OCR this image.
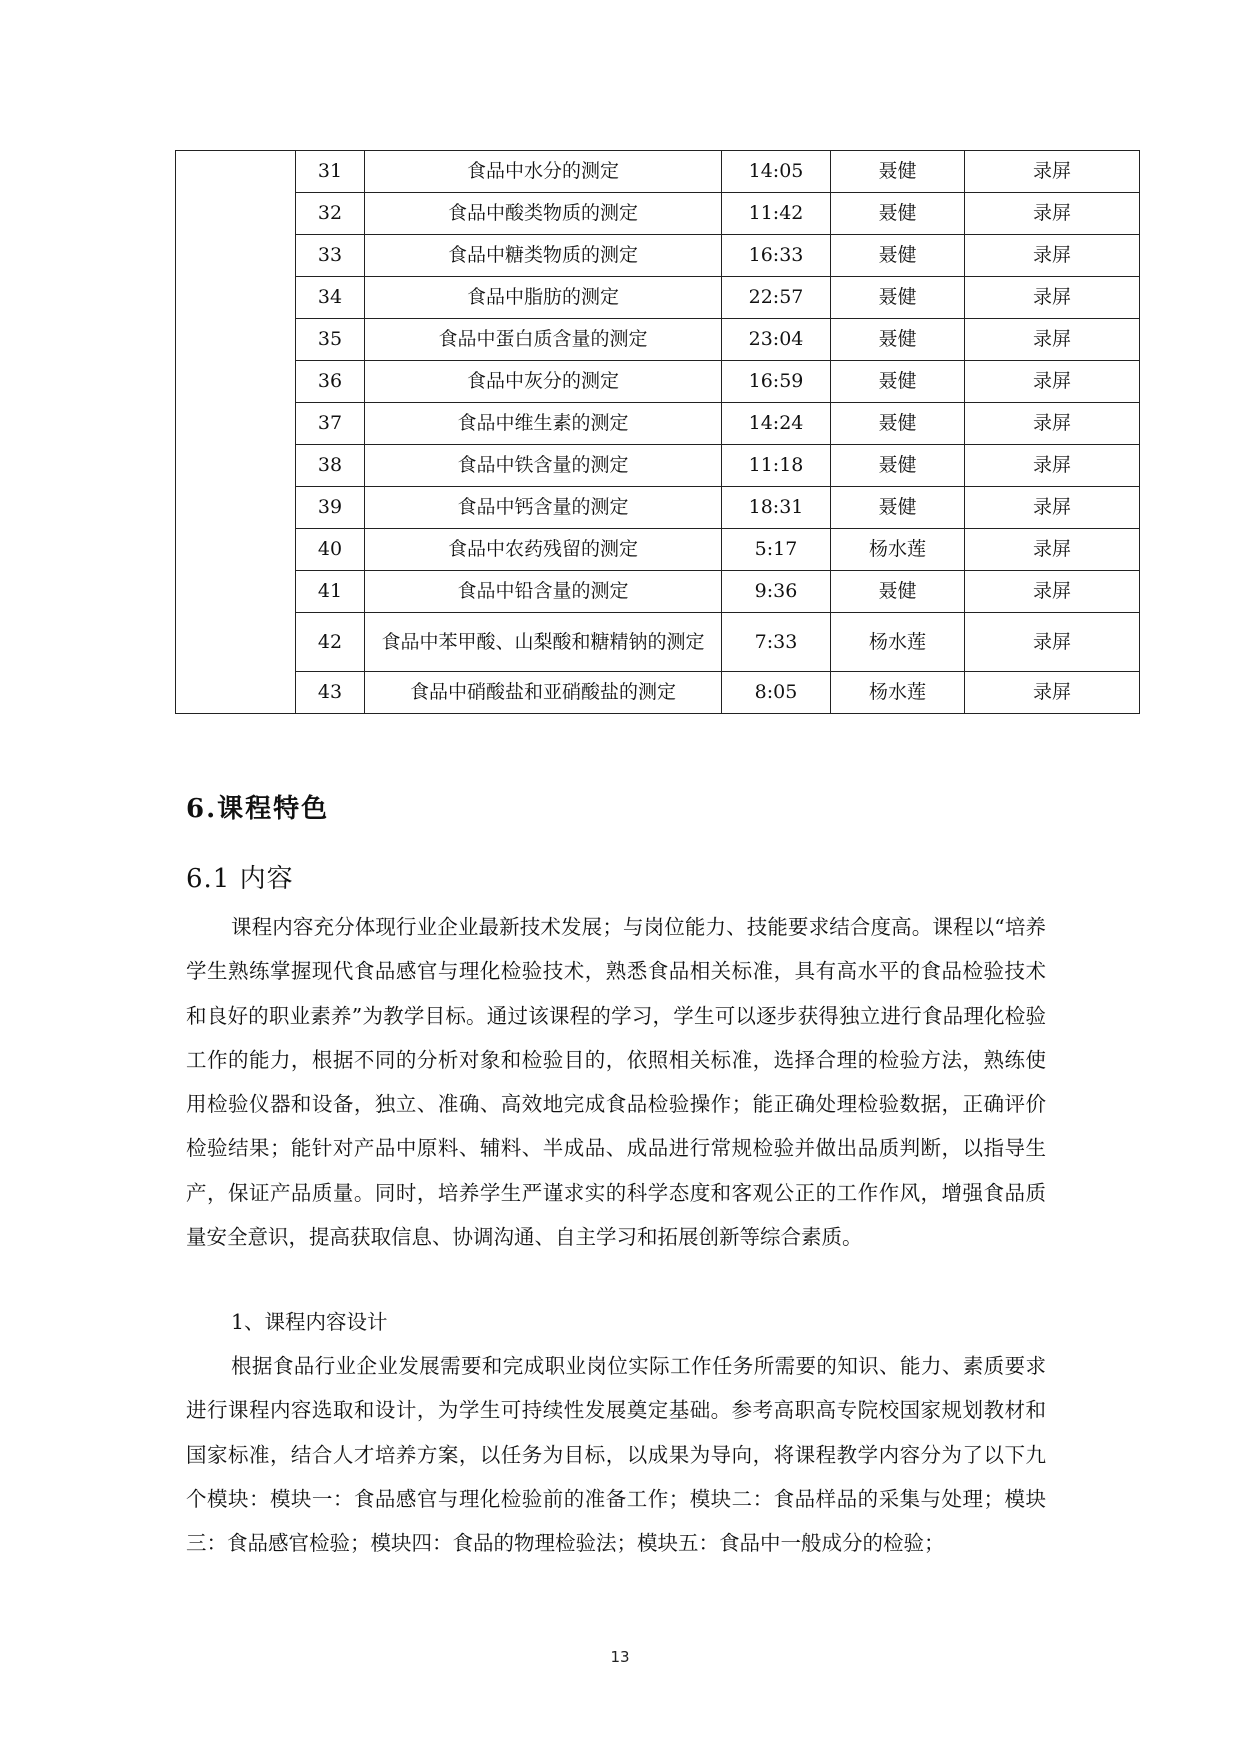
	31	食品中水分的测定	14:05	聂健	录屏
	32	食品中酸类物质的测定	11:42	聂健	录屏
	33	食品中糖类物质的测定	16:33	聂健	录屏
	34	食品中脂肪的测定	22:57	聂健	录屏
	35	食品中蛋白质含量的测定	23:04	聂健	录屏
	36	食品中灰分的测定	16:59	聂健	录屏
	37	食品中维生素的测定	14:24	聂健	录屏
	38	食品中铁含量的测定	11:18	聂健	录屏
	39	食品中钙含量的测定	18:31	聂健	录屏
	40	食品中农药残留的测定	5:17	杨水莲	录屏
	41	食品中铅含量的测定	9:36	聂健	录屏
	42	食品中苯甲酸、山梨酸和糖精钠的测定	7:33	杨水莲	录屏
	43	食品中硝酸盐和亚硝酸盐的测定	8:05	杨水莲	录屏
6.课程特色
6.1 内容

课程内容充分体现行业企业最新技术发展；与岗位能力、技能要求结合度高。课程以“培养学生熟练掌握现代食品感官与理化检验技术，熟悉食品相关标准，具有高水平的食品检验技术和良好的职业素养”为教学目标。通过该课程的学习，学生可以逐步获得独立进行食品理化检验工作的能力，根据不同的分析对象和检验目的，依照相关标准，选择合理的检验方法，熟练使用检验仪器和设备，独立、准确、高效地完成食品检验操作；能正确处理检验数据，正确评价检验结果；能针对产品中原料、辅料、半成品、成品进行常规检验并做出品质判断，以指导生产，保证产品质量。同时，培养学生严谨求实的科学态度和客观公正的工作作风，增强食品质量安全意识，提高获取信息、协调沟通、自主学习和拓展创新等综合素质。

1、课程内容设计

根据食品行业企业发展需要和完成职业岗位实际工作任务所需要的知识、能力、素质要求进行课程内容选取和设计，为学生可持续性发展奠定基础。参考高职高专院校国家规划教材和国家标准，结合人才培养方案，以任务为目标，以成果为导向，将课程教学内容分为了以下九个模块：模块一：食品感官与理化检验前的准备工作；模块二：食品样品的采集与处理；模块三：食品感官检验；模块四：食品的物理检验法；模块五：食品中一般成分的检验；

13
